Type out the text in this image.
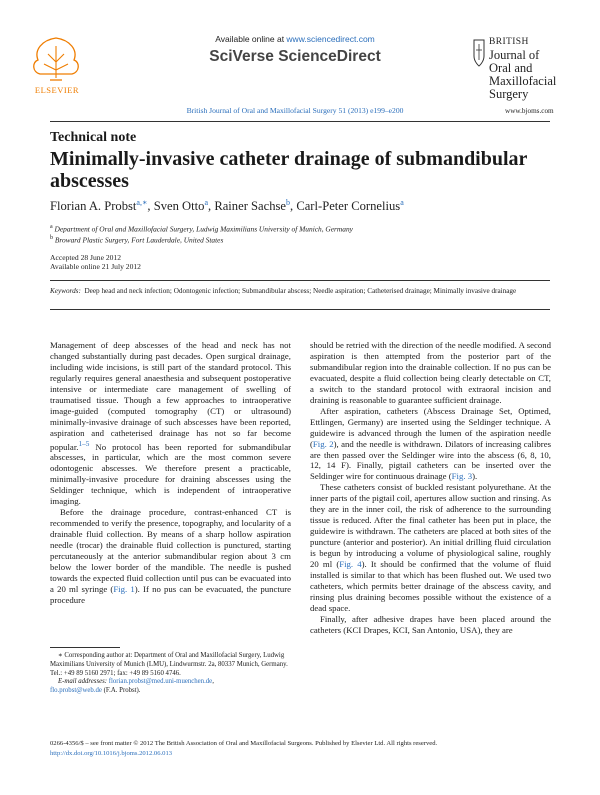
ELSEVIER
Available online at www.sciencedirect.com
SciVerse ScienceDirect
British Journal of Oral and Maxillofacial Surgery 51 (2013) e199–e200
BRITISH
Journal of
Oral and
Maxillofacial
Surgery
www.bjoms.com
Technical note
Minimally-invasive catheter drainage of submandibular abscesses
Florian A. Probst$^{a,∗}$, Sven Otto$^a$, Rainer Sachse$^b$, Carl-Peter Cornelius$^a$
$^a$ Department of Oral and Maxillofacial Surgery, Ludwig Maximilians University of Munich, Germany
$^b$ Broward Plastic Surgery, Fort Lauderdale, United States
Accepted 28 June 2012
Available online 21 July 2012
Keywords: Deep head and neck infection; Odontogenic infection; Submandibular abscess; Needle aspiration; Catheterised drainage; Minimally invasive drainage

Management of deep abscesses of the head and neck has not changed substantially during past decades. Open surgical drainage, including wide incisions, is still part of the standard protocol. This regularly requires general anaesthesia and subsequent postoperative intensive or intermediate care management of swelling of traumatised tissue. Though a few approaches to intraoperative image-guided (computed tomography (CT) or ultrasound) minimally-invasive drainage of such abscesses have been reported, aspiration and catheterised drainage has not so far become popular.$^{1-5}$ No protocol has been reported for submandibular abscesses, in particular, which are the most common severe odontogenic abscesses. We therefore present a practicable, minimally-invasive procedure for draining abscesses using the Seldinger technique, which is independent of intraoperative imaging.

Before the drainage procedure, contrast-enhanced CT is recommended to verify the presence, topography, and locularity of a drainable fluid collection. By means of a sharp hollow aspiration needle (trocar) the drainable fluid collection is punctured, starting percutaneously at the anterior submandibular region about 3 cm below the lower border of the mandible. The needle is pushed towards the expected fluid collection until pus can be evacuated into a 20 ml syringe (Fig. 1). If no pus can be evacuated, the puncture procedure

should be retried with the direction of the needle modified. A second aspiration is then attempted from the posterior part of the submandibular region into the drainable collection. If no pus can be evacuated, despite a fluid collection being clearly detectable on CT, a switch to the standard protocol with extraoral incision and draining is reasonable to guarantee sufficient drainage.

After aspiration, catheters (Abscess Drainage Set, Optimed, Ettlingen, Germany) are inserted using the Seldinger technique. A guidewire is advanced through the lumen of the aspiration needle (Fig. 2), and the needle is withdrawn. Dilators of increasing calibres are then passed over the Seldinger wire into the abscess (6, 8, 10, 12, 14 F). Finally, pigtail catheters can be inserted over the Seldinger wire for continuous drainage (Fig. 3).

These catheters consist of buckled resistant polyurethane. At the inner parts of the pigtail coil, apertures allow suction and rinsing. As they are in the inner coil, the risk of adherence to the surrounding tissue is reduced. After the final catheter has been put in place, the guidewire is withdrawn. The catheters are placed at both sites of the puncture (anterior and posterior). An initial drilling fluid circulation is begun by introducing a volume of physiological saline, roughly 20 ml (Fig. 4). It should be confirmed that the volume of fluid installed is similar to that which has been flushed out. We used two catheters, which permits better drainage of the abscess cavity, and rinsing plus draining becomes possible without the existence of a dead space.

Finally, after adhesive drapes have been placed around the catheters (KCI Drapes, KCI, San Antonio, USA), they are

∗ Corresponding author at: Department of Oral and Maxillofacial Surgery, Ludwig Maximilians University of Munich (LMU), Lindwurmstr. 2a, 80337 Munich, Germany. Tel.: +49 89 5160 2971; fax: +49 89 5160 4746.

E-mail addresses: florian.probst@med.uni-muenchen.de,
flo.probst@web.de (F.A. Probst).

0266-4356/$ – see front matter © 2012 The British Association of Oral and Maxillofacial Surgeons. Published by Elsevier Ltd. All rights reserved.
http://dx.doi.org/10.1016/j.bjoms.2012.06.013
